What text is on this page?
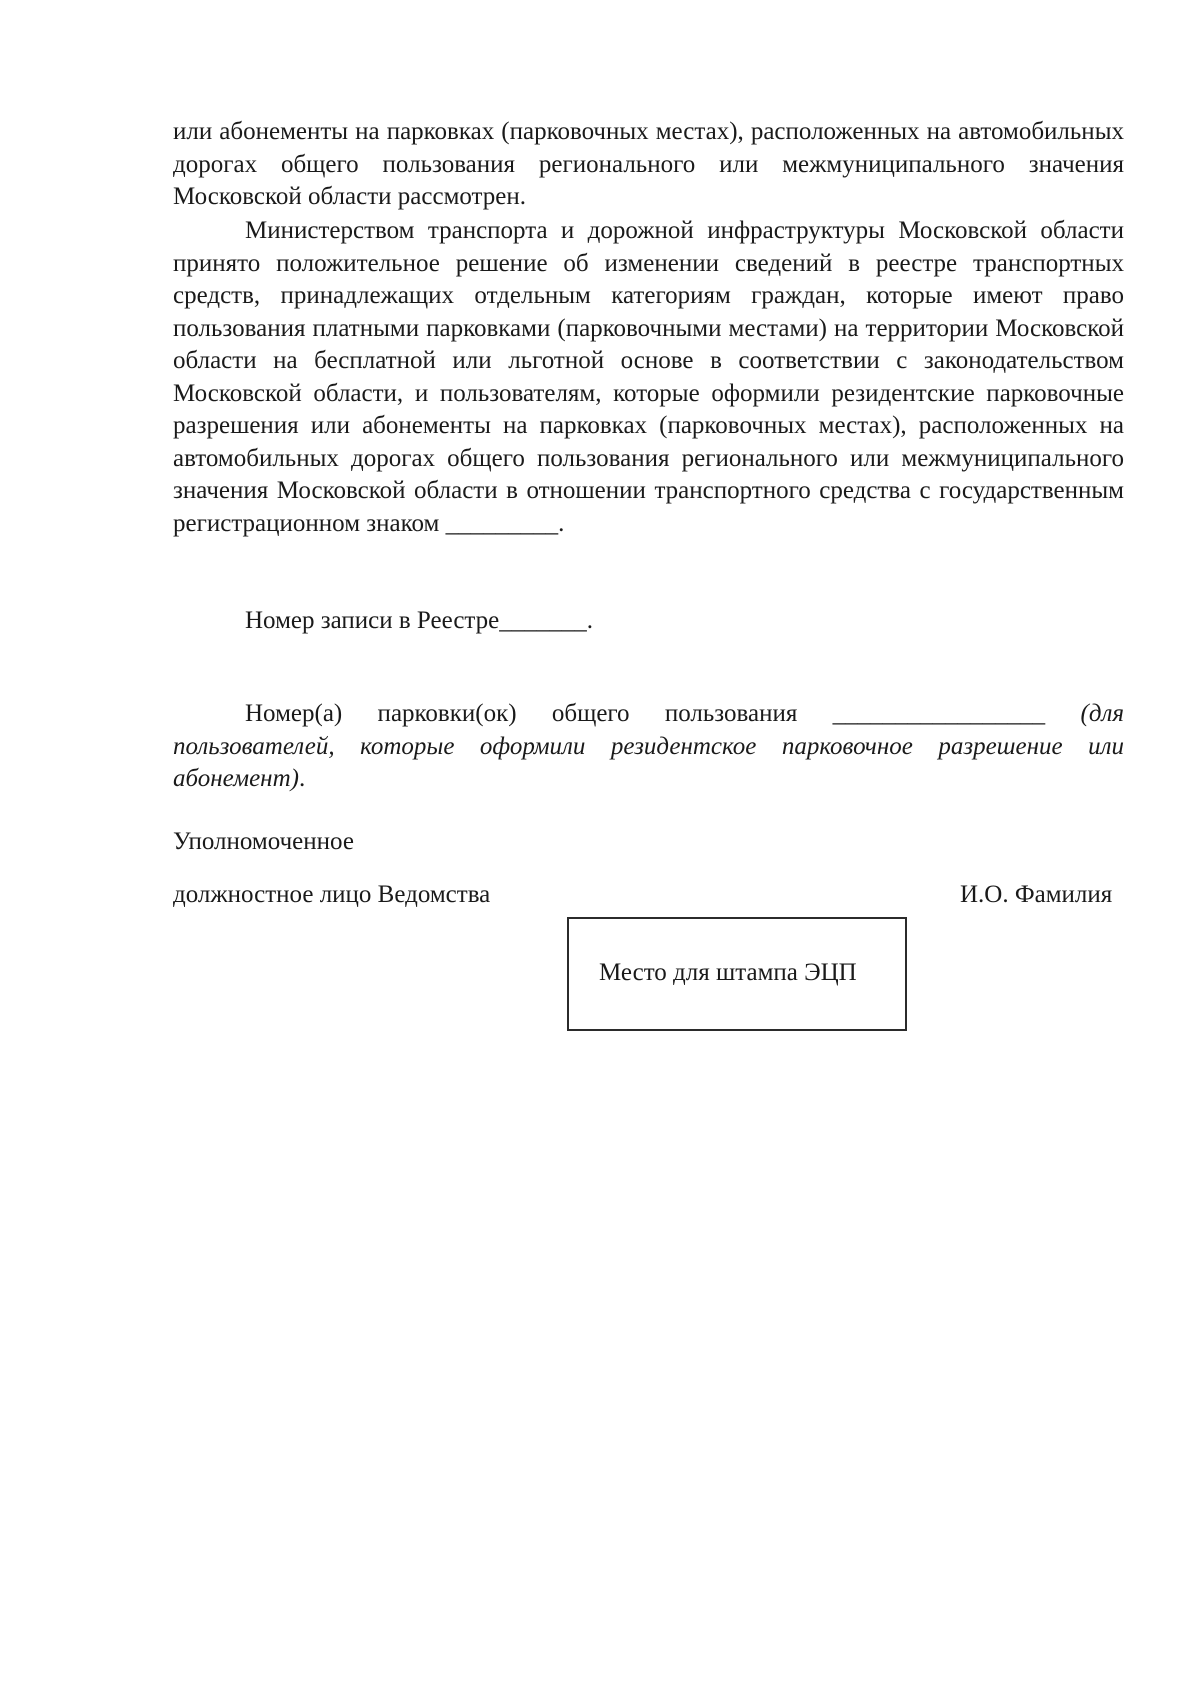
или абонементы на парковках (парковочных местах), расположенных на автомобильных дорогах общего пользования регионального или межмуниципального значения Московской области рассмотрен.

Министерством транспорта и дорожной инфраструктуры Московской области принято положительное решение об изменении сведений в реестре транспортных средств, принадлежащих отдельным категориям граждан, которые имеют право пользования платными парковками (парковочными местами) на территории Московской области на бесплатной или льготной основе в соответствии с законодательством Московской области, и пользователям, которые оформили резидентские парковочные разрешения или абонементы на парковках (парковочных местах), расположенных на автомобильных дорогах общего пользования регионального или межмуниципального значения Московской области в отношении транспортного средства с государственным регистрационном знаком _________.

Номер записи в Реестре_______.

Номер(а) парковки(ок) общего пользования _________________ (для пользователей, которые оформили резидентское парковочное разрешение или абонемент).

Уполномоченное
должностное лицо Ведомства	И.О. Фамилия
Место для штампа ЭЦП
